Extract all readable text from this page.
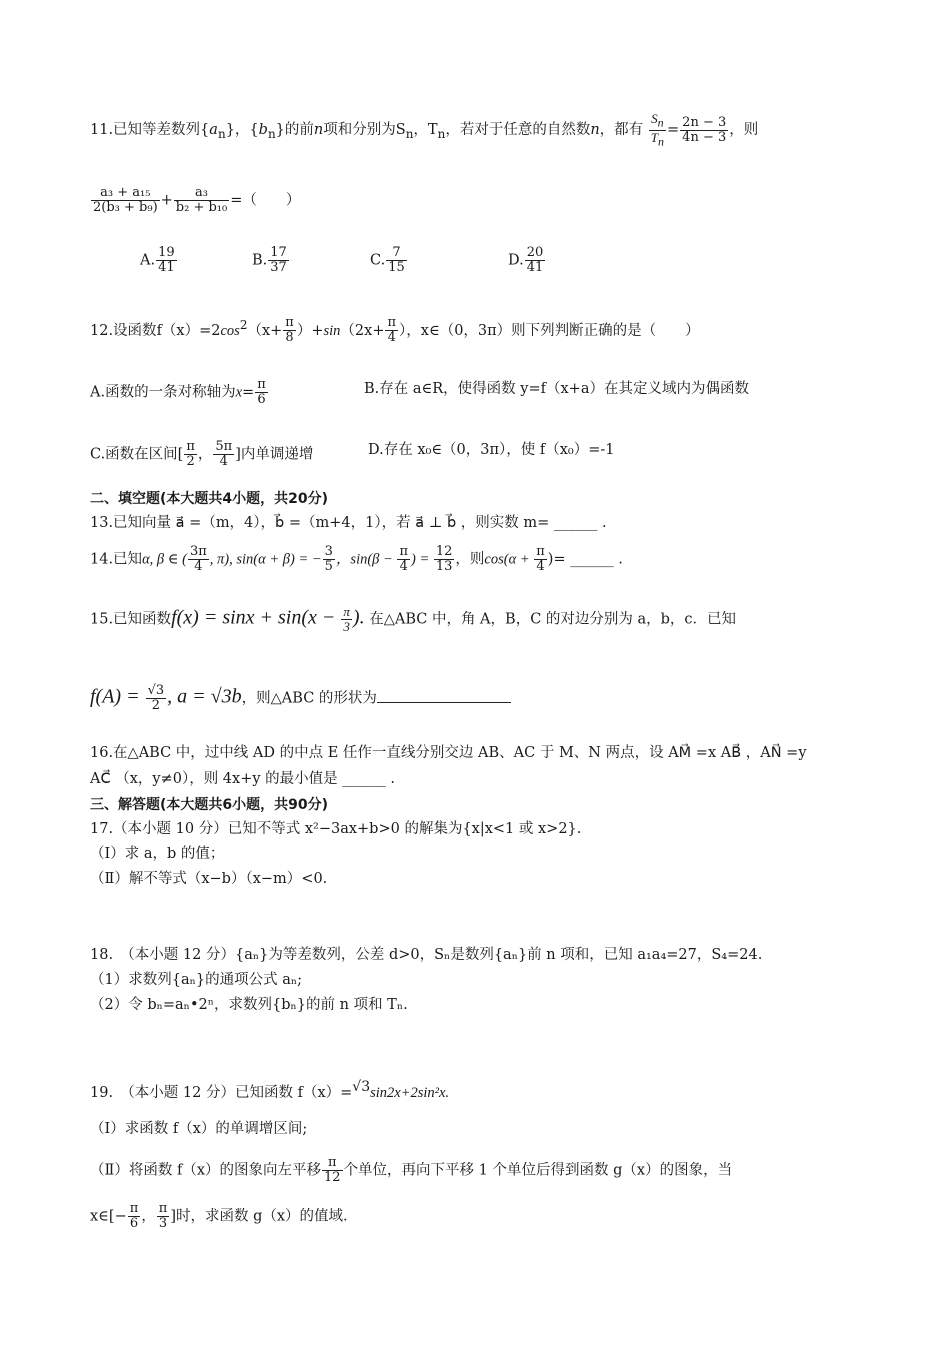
11.已知等差数列$\{a_n\}$，$\{b_n\}$的前n项和分别为$S_n$，$T_n$，若对于任意的自然数n，都有 $\frac{S_n}{T_n} = \frac{2n - 3}{4n - 3}$ ，则
$\frac{\text{a₃ + a₁₅}}{\text{2(b₃ + b₉)}} + \frac{\text{a₃}}{\text{b₂ + b₁₀}}$ =（　　）
A. $\frac{19}{41}$	B. $\frac{17}{37}$	C. $\frac{7}{15}$	D. $\frac{20}{41}$
12.设函数$f(x)=2\cos^2(x+ \frac{\pi}{8} )+\sin(2x+ \frac{\pi}{4}$ ），x∈（0，3π）则下列判断正确的是（　　）
A.函数的一条对称轴为$x= \frac{\pi}{6}$	B.存在 a∈R，使得函数 y=f（x+a）在其定义域内为偶函数
C.函数在区间[ $\frac{\pi}{2}$ ， $\frac{5\pi}{4}$ ]内单调递增	D.存在 x₀∈（0，3π），使 f（x₀）=-1
二、填空题(本大题共4小题，共20分)
13.已知向量 a⃗ =（m，4），b⃗ =（m+4，1），若 a⃗ ⊥ b⃗ ，则实数 m= ______ .
14.已知α, β ∈ ( $\frac{3\pi}{4}$ , π), sin(α + β) = − $\frac{3}{5}$ ，$\sin(\beta - \frac{\pi}{4}$ ) = $\frac{12}{13}$ ，则$\cos(\alpha + \frac{\pi}{4}$ )= ______ .
15.已知函数$f(x) = \sin x + \sin(x - \frac{\pi}{3}$ ). 在△ABC 中，角 A，B，C 的对边分别为 a，b，c．已知
$f(A) = \frac{√3}{2}$ , a = √3b，则△ABC 的形状为
16.在△ABC 中，过中线 AD 的中点 E 任作一直线分别交边 AB、AC 于 M、N 两点，设 AM⃗ =x AB⃗ ，AN⃗ =y
AC⃗ （x，y≠0），则 4x+y 的最小值是 ______ .
三、解答题(本大题共6小题，共90分)
17.（本小题 10 分）已知不等式 x²−3ax+b>0 的解集为{x|x<1 或 x>2}.
（Ⅰ）求 a，b 的值；
（Ⅱ）解不等式（x−b）（x−m）<0.
18.　（本小题 12 分）{aₙ}为等差数列，公差 d>0，Sₙ是数列{aₙ}前 n 项和，已知 a₁a₄=27，S₄=24.
（1）求数列{aₙ}的通项公式 aₙ;
（2）令 bₙ=aₙ•2ⁿ，求数列{bₙ}的前 n 项和 Tₙ.
19.　（本小题 12 分）已知函数 f（x）=$^{√3}$sin2x+2sin²x.
（Ⅰ）求函数 f（x）的单调增区间;
（Ⅱ）将函数 f（x）的图象向左平移 $\frac{\pi}{12}$ 个单位，再向下平移 1 个单位后得到函数 g（x）的图象，当
x∈[− $\frac{\pi}{6}$ ， $\frac{\pi}{3}$ ]时，求函数 g（x）的值域.
